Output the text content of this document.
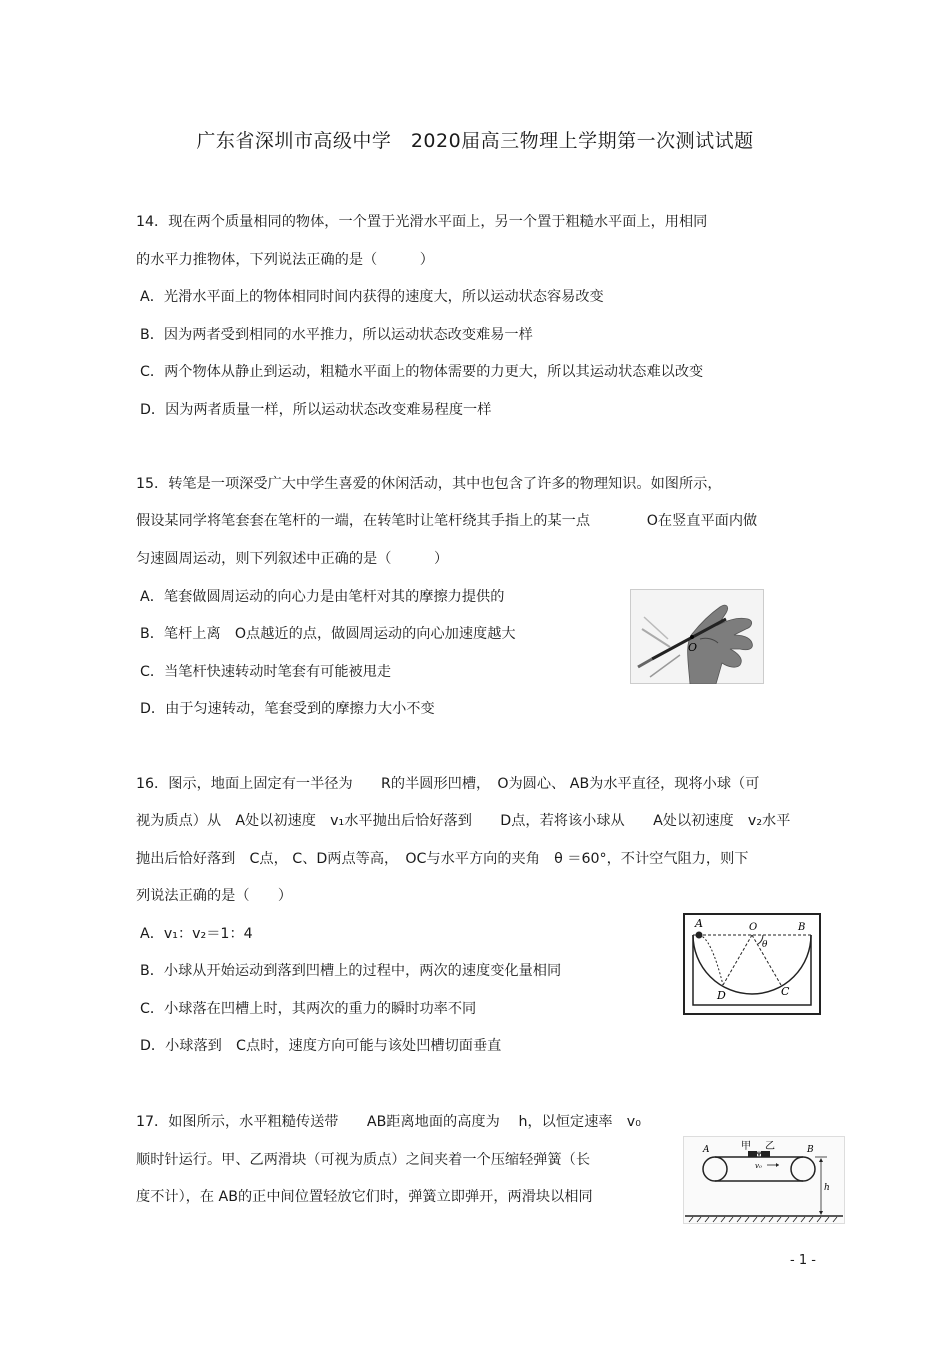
广东省深圳市高级中学　2020届高三物理上学期第一次测试试题
14．现在两个质量相同的物体，一个置于光滑水平面上，另一个置于粗糙水平面上，用相同
的水平力推物体，下列说法正确的是（　　　）
A．光滑水平面上的物体相同时间内获得的速度大，所以运动状态容易改变
B．因为两者受到相同的水平推力，所以运动状态改变难易一样
C．两个物体从静止到运动，粗糙水平面上的物体需要的力更大，所以其运动状态难以改变
D．因为两者质量一样，所以运动状态改变难易程度一样
15．转笔是一项深受广大中学生喜爱的休闲活动，其中也包含了许多的物理知识。如图所示，
假设某同学将笔套套在笔杆的一端，在转笔时让笔杆绕其手指上的某一点　　　　O在竖直平面内做
匀速圆周运动，则下列叙述中正确的是（　　　）
A．笔套做圆周运动的向心力是由笔杆对其的摩擦力提供的
B．笔杆上离　O点越近的点，做圆周运动的向心加速度越大
C．当笔杆快速转动时笔套有可能被甩走
D．由于匀速转动，笔套受到的摩擦力大小不变
O
16．图示，地面上固定有一半径为　　R的半圆形凹槽，　O为圆心、 AB为水平直径，现将小球（可
视为质点）从　A处以初速度　v₁水平抛出后恰好落到　　D点，若将该小球从　　A处以初速度　v₂水平
抛出后恰好落到　C点， C、D两点等高，　OC与水平方向的夹角　θ ＝60°，不计空气阻力，则下
列说法正确的是（　　）
A．v₁：v₂＝1：4
B．小球从开始运动到落到凹槽上的过程中，两次的速度变化量相同
C．小球落在凹槽上时，其两次的重力的瞬时功率不同
D．小球落到　C点时，速度方向可能与该处凹槽切面垂直
A	O	B
θ
D	C
17．如图所示，水平粗糙传送带　　AB距离地面的高度为　 h，以恒定速率　v₀
顺时针运行。甲、乙两滑块（可视为质点）之间夹着一个压缩轻弹簧（长
度不计），在 AB的正中间位置轻放它们时，弹簧立即弹开，两滑块以相同
A	甲 乙	B
v₀
h
- 1 -
